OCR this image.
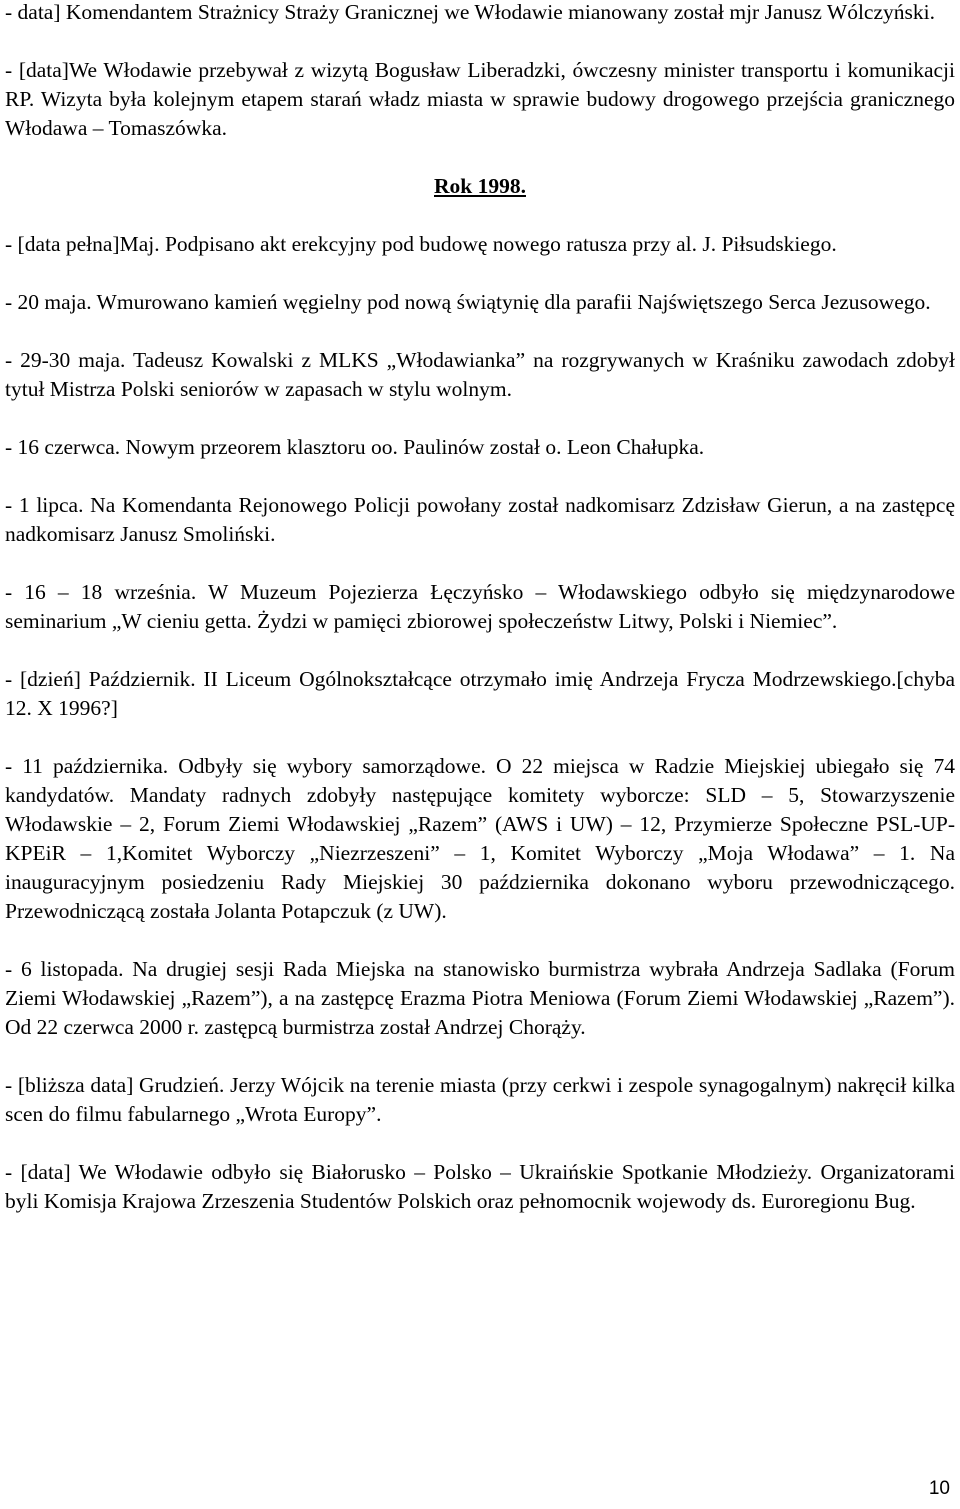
- data] Komendantem Strażnicy Straży Granicznej we Włodawie mianowany został mjr Janusz Wólczyński.

- [data]We Włodawie przebywał z wizytą Bogusław Liberadzki, ówczesny minister transportu i komunikacji RP. Wizyta była kolejnym etapem starań władz miasta w sprawie budowy drogowego przejścia granicznego Włodawa – Tomaszówka.

Rok 1998.

- [data pełna]Maj. Podpisano akt erekcyjny pod budowę nowego ratusza przy al. J. Piłsudskiego.

- 20 maja. Wmurowano kamień węgielny pod nową świątynię dla parafii Najświętszego Serca Jezusowego.

- 29-30 maja. Tadeusz Kowalski z MLKS „Włodawianka” na rozgrywanych w Kraśniku zawodach zdobył tytuł Mistrza Polski seniorów w zapasach w stylu wolnym.

- 16 czerwca. Nowym przeorem klasztoru oo. Paulinów został o. Leon Chałupka.

- 1 lipca. Na Komendanta Rejonowego Policji powołany został nadkomisarz Zdzisław Gierun, a na zastępcę nadkomisarz Janusz Smoliński.

- 16 – 18 września. W Muzeum Pojezierza Łęczyńsko – Włodawskiego odbyło się międzynarodowe seminarium „W cieniu getta. Żydzi w pamięci zbiorowej społeczeństw Litwy, Polski i Niemiec”.

- [dzień] Październik. II Liceum Ogólnokształcące otrzymało imię Andrzeja Frycza Modrzewskiego.[chyba 12. X 1996?]

- 11 października. Odbyły się wybory samorządowe. O 22 miejsca w Radzie Miejskiej ubiegało się 74 kandydatów. Mandaty radnych zdobyły następujące komitety wyborcze: SLD – 5, Stowarzyszenie Włodawskie – 2, Forum Ziemi Włodawskiej „Razem” (AWS i UW) – 12, Przymierze Społeczne PSL-UP-KPEiR – 1,Komitet Wyborczy „Niezrzeszeni” – 1, Komitet Wyborczy „Moja Włodawa” – 1. Na inauguracyjnym posiedzeniu Rady Miejskiej 30 października dokonano wyboru przewodniczącego. Przewodniczącą została Jolanta Potapczuk (z UW).

- 6 listopada. Na drugiej sesji Rada Miejska na stanowisko burmistrza wybrała Andrzeja Sadlaka (Forum Ziemi Włodawskiej „Razem”), a na zastępcę Erazma Piotra Meniowa (Forum Ziemi Włodawskiej „Razem”). Od 22 czerwca 2000 r. zastępcą burmistrza został Andrzej Chorąży.

- [bliższa data] Grudzień. Jerzy Wójcik na terenie miasta (przy cerkwi i zespole synagogalnym) nakręcił kilka scen do filmu fabularnego „Wrota Europy”.

- [data] We Włodawie odbyło się Białorusko – Polsko – Ukraińskie Spotkanie Młodzieży. Organizatorami byli Komisja Krajowa Zrzeszenia Studentów Polskich oraz pełnomocnik wojewody ds. Euroregionu Bug.

10
